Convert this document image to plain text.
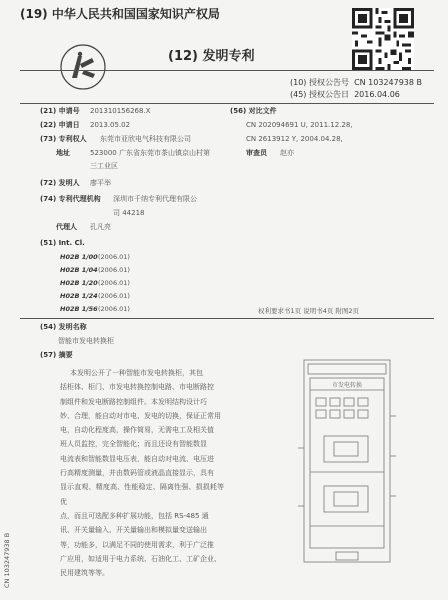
(19) 中华人民共和国国家知识产权局
(12) 发明专利
(10) 授权公告号 CN 103247938 B
(45) 授权公告日 2016.04.06
(21) 申请号 201310156268.X
(22) 申请日 2013.05.02
(73) 专利权人 东莞市亚欣电气科技有限公司
地址	523000 广东省东莞市茶山镇京山村第
三工业区
(72) 发明人 廖平举
(74) 专利代理机构 深圳市千纳专利代理有限公
司 44218
代理人 孔凡亮
(51) Int. Cl.
H02B 1/00 (2006.01)
H02B 1/04 (2006.01)
H02B 1/20 (2006.01)
H02B 1/24 (2006.01)
H02B 1/56 (2006.01)
(56) 对比文件
CN 202094691 U, 2011.12.28,
CN 2613912 Y, 2004.04.28,
审查员 赵亦
权利要求书1页 说明书4页 附图2页
(54) 发明名称
智能市发电转换柜
(57) 摘要
本发明公开了一种智能市发电转换柜，其包
括柜体、柜门、市发电转换控制电路、市电断路控
制组件和发电断路控制组件。本发明结构设计巧
妙、合理，能自动对市电、发电的切换，保证正常用
电，自动化程度高，操作简易，无需电工及相关值
班人员监控，完全智能化；而且还设有智能数显
电流表和智能数显电压表，能自动对电流、电压进
行高精度测量，并由数码管或液晶直接显示，具有
显示直观、精度高、性能稳定、隔离性强、损损耗等优
点，而且可选配多种扩展功能，包括 RS-485 通
讯、开关量输入、开关量输出和模拟量变送输出
等，功能多，以满足不同的使用需求，利于广泛推
广应用，如适用于电力系统、石油化工、工矿企业、
民用建筑等等。
市发电转换
CN 103247938 B
